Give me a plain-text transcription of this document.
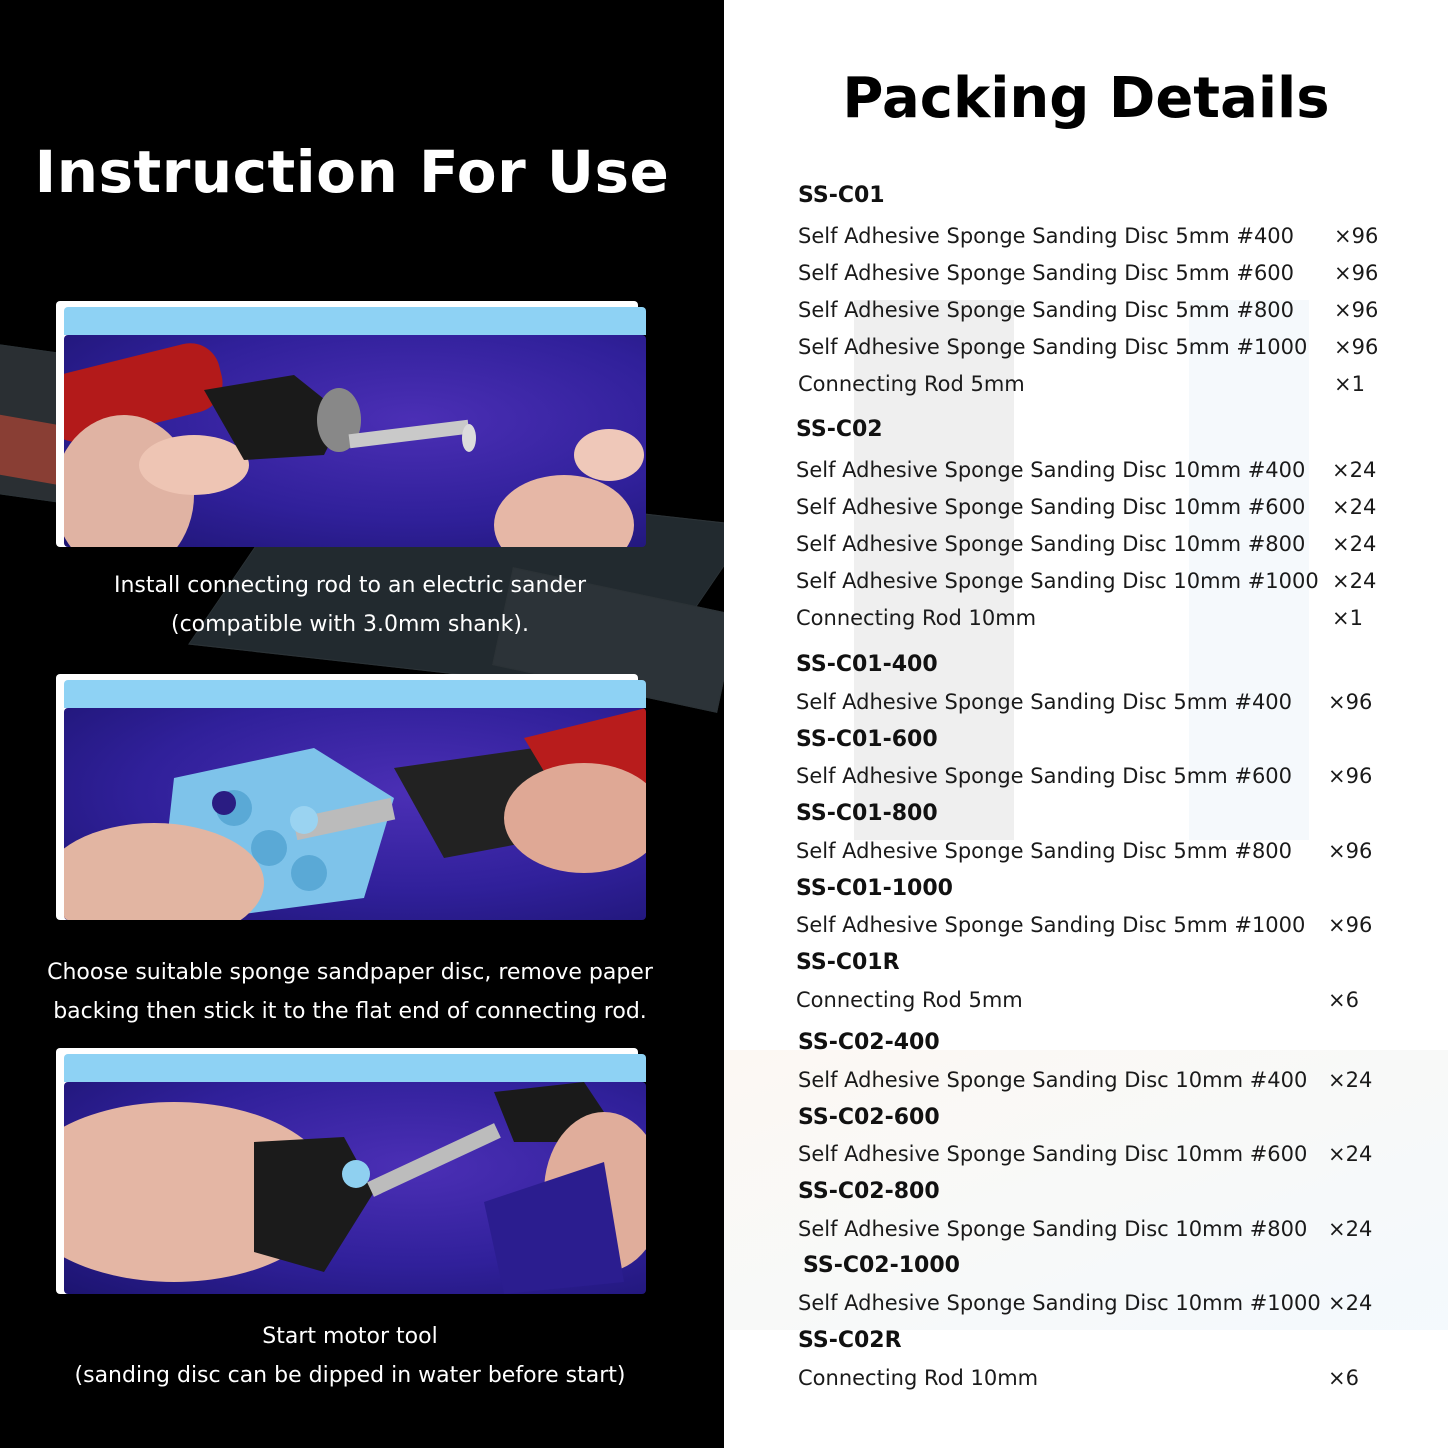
Instruction For Use
Install connecting rod to an electric sander
(compatible with 3.0mm shank).
Choose suitable sponge sandpaper disc, remove paper
backing then stick it to the flat end of connecting rod.
Start motor tool
(sanding disc can be dipped in water before start)
Packing Details
SS-C01
Self Adhesive Sponge Sanding Disc 5mm #400 ×96
Self Adhesive Sponge Sanding Disc 5mm #600 ×96
Self Adhesive Sponge Sanding Disc 5mm #800 ×96
Self Adhesive Sponge Sanding Disc 5mm #1000 ×96
Connecting Rod 5mm	×1
SS-C02
Self Adhesive Sponge Sanding Disc 10mm #400 ×24
Self Adhesive Sponge Sanding Disc 10mm #600 ×24
Self Adhesive Sponge Sanding Disc 10mm #800 ×24
Self Adhesive Sponge Sanding Disc 10mm #1000 ×24
Connecting Rod 10mm	×1
SS-C01-400
Self Adhesive Sponge Sanding Disc 5mm #400 ×96
SS-C01-600
Self Adhesive Sponge Sanding Disc 5mm #600 ×96
SS-C01-800
Self Adhesive Sponge Sanding Disc 5mm #800 ×96
SS-C01-1000
Self Adhesive Sponge Sanding Disc 5mm #1000 ×96
SS-C01R
Connecting Rod 5mm	×6
SS-C02-400
Self Adhesive Sponge Sanding Disc 10mm #400 ×24
SS-C02-600
Self Adhesive Sponge Sanding Disc 10mm #600 ×24
SS-C02-800
Self Adhesive Sponge Sanding Disc 10mm #800 ×24
SS-C02-1000
Self Adhesive Sponge Sanding Disc 10mm #1000 ×24
SS-C02R
Connecting Rod 10mm	×6
